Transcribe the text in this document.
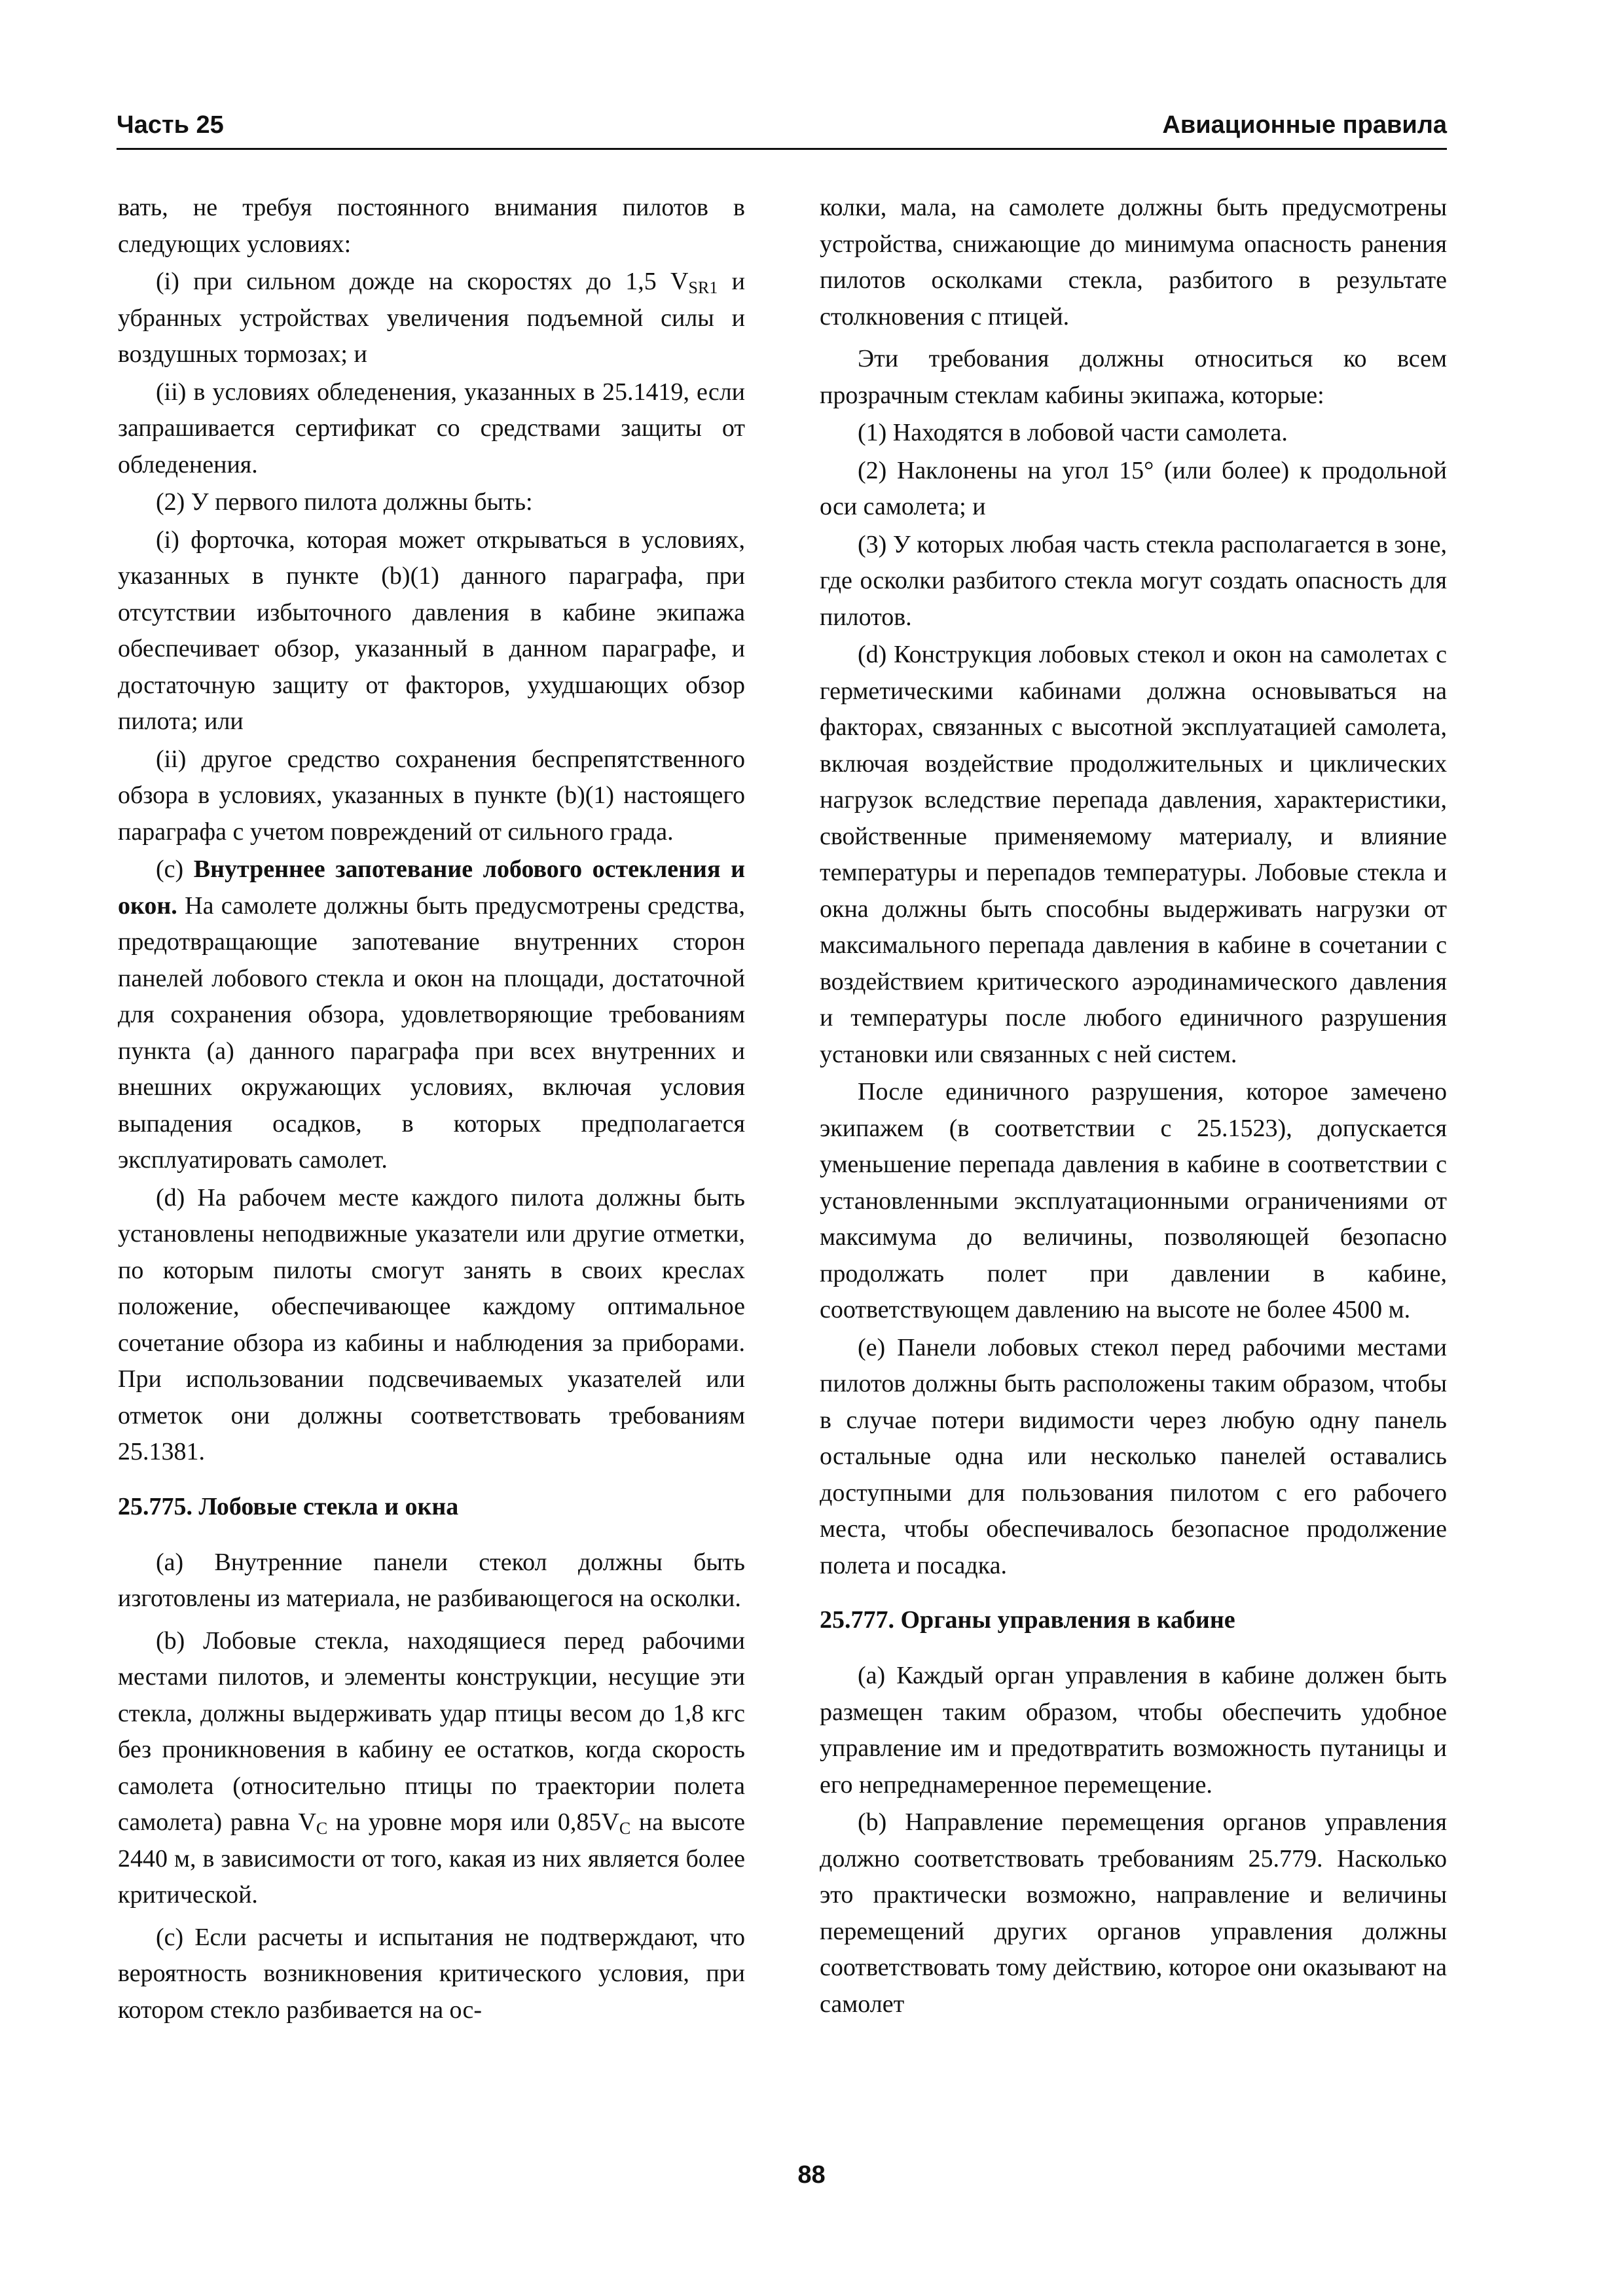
Часть 25	Авиационные правила

вать, не требуя постоянного внимания пилотов в следующих условиях:

(i) при сильном дожде на скоростях до 1,5 $V_{SR1}$ и убранных устройствах увеличения подъемной силы и воздушных тормозах; и

(ii) в условиях обледенения, указанных в 25.1419, если запрашивается сертификат со средствами защиты от обледенения.

(2) У первого пилота должны быть:

(i) форточка, которая может открываться в условиях, указанных в пункте (b)(1) данного параграфа, при отсутствии избыточного давления в кабине экипажа обеспечивает обзор, указанный в данном параграфе, и достаточную защиту от факторов, ухудшающих обзор пилота; или

(ii) другое средство сохранения беспрепятственного обзора в условиях, указанных в пункте (b)(1) настоящего параграфа с учетом повреждений от сильного града.

(c) Внутреннее запотевание лобового остекления и окон. На самолете должны быть предусмотрены средства, предотвращающие запотевание внутренних сторон панелей лобового стекла и окон на площади, достаточной для сохранения обзора, удовлетворяющие требованиям пункта (а) данного параграфа при всех внутренних и внешних окружающих условиях, включая условия выпадения осадков, в которых предполагается эксплуатировать самолет.

(d) На рабочем месте каждого пилота должны быть установлены неподвижные указатели или другие отметки, по которым пилоты смогут занять в своих креслах положение, обеспечивающее каждому оптимальное сочетание обзора из кабины и наблюдения за приборами. При использовании подсвечиваемых указателей или отметок они должны соответствовать требованиям 25.1381.

25.775. Лобовые стекла и окна

(а) Внутренние панели стекол должны быть изготовлены из материала, не разбивающегося на осколки.

(b) Лобовые стекла, находящиеся перед рабочими местами пилотов, и элементы конструкции, несущие эти стекла, должны выдерживать удар птицы весом до 1,8 кгс без проникновения в кабину ее остатков, когда скорость самолета (относительно птицы по траектории полета самолета) равна $V_C$ на уровне моря или $0,85V_C$ на высоте 2440 м, в зависимости от того, какая из них является более критической.

(с) Если расчеты и испытания не подтверждают, что вероятность возникновения критического условия, при котором стекло разбивается на ос-

колки, мала, на самолете должны быть предусмотрены устройства, снижающие до минимума опасность ранения пилотов осколками стекла, разбитого в результате столкновения с птицей.

Эти требования должны относиться ко всем прозрачным стеклам кабины экипажа, которые:

(1) Находятся в лобовой части самолета.

(2) Наклонены на угол 15° (или более) к продольной оси самолета; и

(3) У которых любая часть стекла располагается в зоне, где осколки разбитого стекла могут создать опасность для пилотов.

(d) Конструкция лобовых стекол и окон на самолетах с герметическими кабинами должна основываться на факторах, связанных с высотной эксплуатацией самолета, включая воздействие продолжительных и циклических нагрузок вследствие перепада давления, характеристики, свойственные применяемому материалу, и влияние температуры и перепадов температуры. Лобовые стекла и окна должны быть способны выдерживать нагрузки от максимального перепада давления в кабине в сочетании с воздействием критического аэродинамического давления и температуры после любого единичного разрушения установки или связанных с ней систем.

После единичного разрушения, которое замечено экипажем (в соответствии с 25.1523), допускается уменьшение перепада давления в кабине в соответствии с установленными эксплуатационными ограничениями от максимума до величины, позволяющей безопасно продолжать полет при давлении в кабине, соответствующем давлению на высоте не более 4500 м.

(е) Панели лобовых стекол перед рабочими местами пилотов должны быть расположены таким образом, чтобы в случае потери видимости через любую одну панель остальные одна или несколько панелей оставались доступными для пользования пилотом с его рабочего места, чтобы обеспечивалось безопасное продолжение полета и посадка.

25.777. Органы управления в кабине

(а) Каждый орган управления в кабине должен быть размещен таким образом, чтобы обеспечить удобное управление им и предотвратить возможность путаницы и его непреднамеренное перемещение.

(b) Направление перемещения органов управления должно соответствовать требованиям 25.779. Насколько это практически возможно, направление и величины перемещений других органов управления должны соответствовать тому действию, которое они оказывают на самолет

88
